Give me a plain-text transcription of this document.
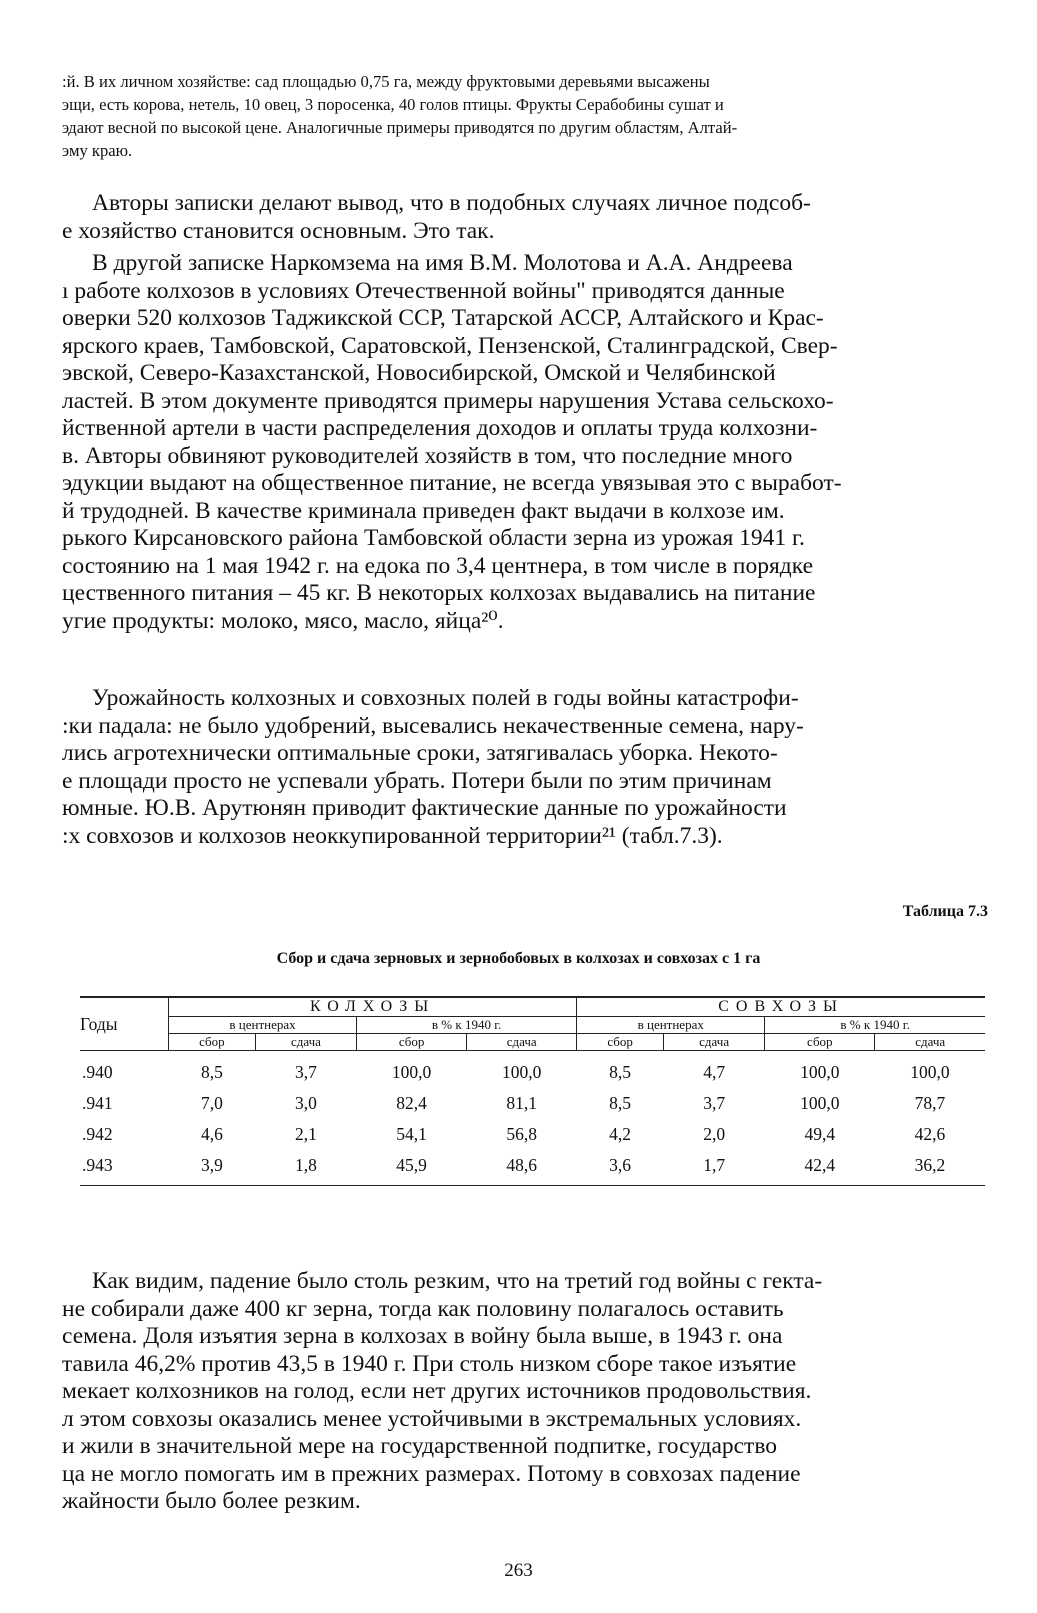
:й. В их личном хозяйстве: сад площадью 0,75 га, между фруктовыми деревьями высажены
эщи, есть корова, нетель, 10 овец, 3 поросенка, 40 голов птицы. Фрукты Серабобины сушат и
эдают весной по высокой цене. Аналогичные примеры приводятся по другим областям, Алтай-
эму краю.
Авторы записки делают вывод, что в подобных случаях личное подсоб-
е хозяйство становится основным. Это так.
В другой записке Наркомзема на имя В.М. Молотова и А.А. Андреева
ı работе колхозов в условиях Отечественной войны" приводятся данные
оверки 520 колхозов Таджикской ССР, Татарской АССР, Алтайского и Крас-
ярского краев, Тамбовской, Саратовской, Пензенской, Сталинградской, Свер-
эвской, Северо-Казахстанской, Новосибирской, Омской и Челябинской
ластей. В этом документе приводятся примеры нарушения Устава сельскохо-
йственной артели в части распределения доходов и оплаты труда колхозни-
в. Авторы обвиняют руководителей хозяйств в том, что последние много
эдукции выдают на общественное питание, не всегда увязывая это с выработ-
й трудодней. В качестве криминала приведен факт выдачи в колхозе им.
рького Кирсановского района Тамбовской области зерна из урожая 1941 г.
состоянию на 1 мая 1942 г. на едока по 3,4 центнера, в том числе в порядке
цественного питания – 45 кг. В некоторых колхозах выдавались на питание
угие продукты: молоко, мясо, масло, яйца²⁰.
Урожайность колхозных и совхозных полей в годы войны катастрофи-
:ки падала: не было удобрений, высевались некачественные семена, нару-
лись агротехнически оптимальные сроки, затягивалась уборка. Некото-
е площади просто не успевали убрать. Потери были по этим причинам
юмные. Ю.В. Арутюнян приводит фактические данные по урожайности
:х совхозов и колхозов неоккупированной территории²¹ (табл.7.3).
Таблица 7.3
Сбор и сдача зерновых и зернобобовых в колхозах и совхозах с 1 га
Годы	КОЛХОЗЫ				СОВХОЗЫ			
	в центнерах		в % к 1940 г.		в центнерах		в % к 1940 г.	
	сбор	сдача	сбор	сдача	сбор	сдача	сбор	сдача
.940	8,5	3,7	100,0	100,0	8,5	4,7	100,0	100,0
.941	7,0	3,0	82,4	81,1	8,5	3,7	100,0	78,7
.942	4,6	2,1	54,1	56,8	4,2	2,0	49,4	42,6
.943	3,9	1,8	45,9	48,6	3,6	1,7	42,4	36,2
Как видим, падение было столь резким, что на третий год войны с гекта-
не собирали даже 400 кг зерна, тогда как половину полагалось оставить
семена. Доля изъятия зерна в колхозах в войну была выше, в 1943 г. она
тавила 46,2% против 43,5 в 1940 г. При столь низком сборе такое изъятие
мекает колхозников на голод, если нет других источников продовольствия.
л этом совхозы оказались менее устойчивыми в экстремальных условиях.
и жили в значительной мере на государственной подпитке, государство
ца не могло помогать им в прежних размерах. Потому в совхозах падение
жайности было более резким.
263
